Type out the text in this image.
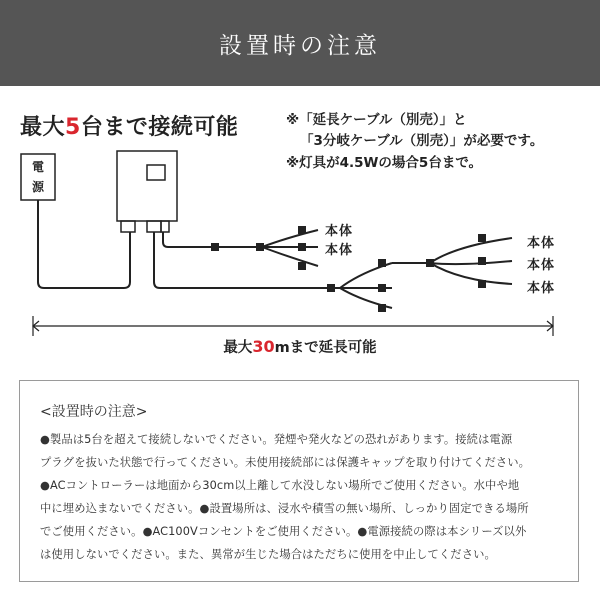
設置時の注意
最大5台まで接続可能	※「延長ケーブル（別売）」と
「3分岐ケーブル（別売）」が必要です。
※灯具が4.5Wの場合5台まで。
電
源
本体
本体	本体
本体
本体
最大30mまで延長可能
<設置時の注意>
●製品は5台を超えて接続しないでください。発煙や発火などの恐れがあります。接続は電源
プラグを抜いた状態で行ってください。未使用接続部には保護キャップを取り付けてください。
●ACコントローラーは地面から30cm以上離して水没しない場所でご使用ください。水中や地
中に埋め込まないでください。●設置場所は、浸水や積雪の無い場所、しっかり固定できる場所
でご使用ください。●AC100Vコンセントをご使用ください。●電源接続の際は本シリーズ以外
は使用しないでください。また、異常が生じた場合はただちに使用を中止してください。
